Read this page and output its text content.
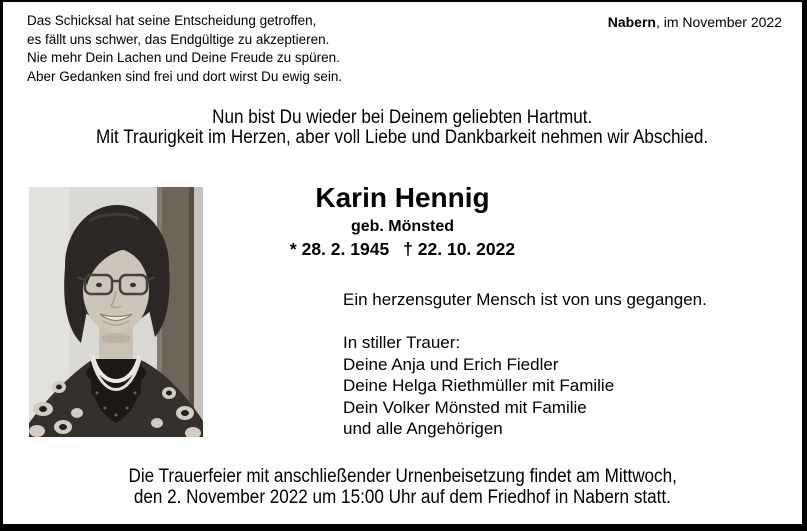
Das Schicksal hat seine Entscheidung getroffen,
es fällt uns schwer, das Endgültige zu akzeptieren.
Nie mehr Dein Lachen und Deine Freude zu spüren.
Aber Gedanken sind frei und dort wirst Du ewig sein.
Nabern, im November 2022
Nun bist Du wieder bei Deinem geliebten Hartmut.
Mit Traurigkeit im Herzen, aber voll Liebe und Dankbarkeit nehmen wir Abschied.
Karin Hennig
geb. Mönsted
* 28. 2. 1945 † 22. 10. 2022
Ein herzensguter Mensch ist von uns gegangen.
In stiller Trauer:
Deine Anja und Erich Fiedler
Deine Helga Riethmüller mit Familie
Dein Volker Mönsted mit Familie
und alle Angehörigen
Die Trauerfeier mit anschließender Urnenbeisetzung findet am Mittwoch,
den 2. November 2022 um 15:00 Uhr auf dem Friedhof in Nabern statt.
